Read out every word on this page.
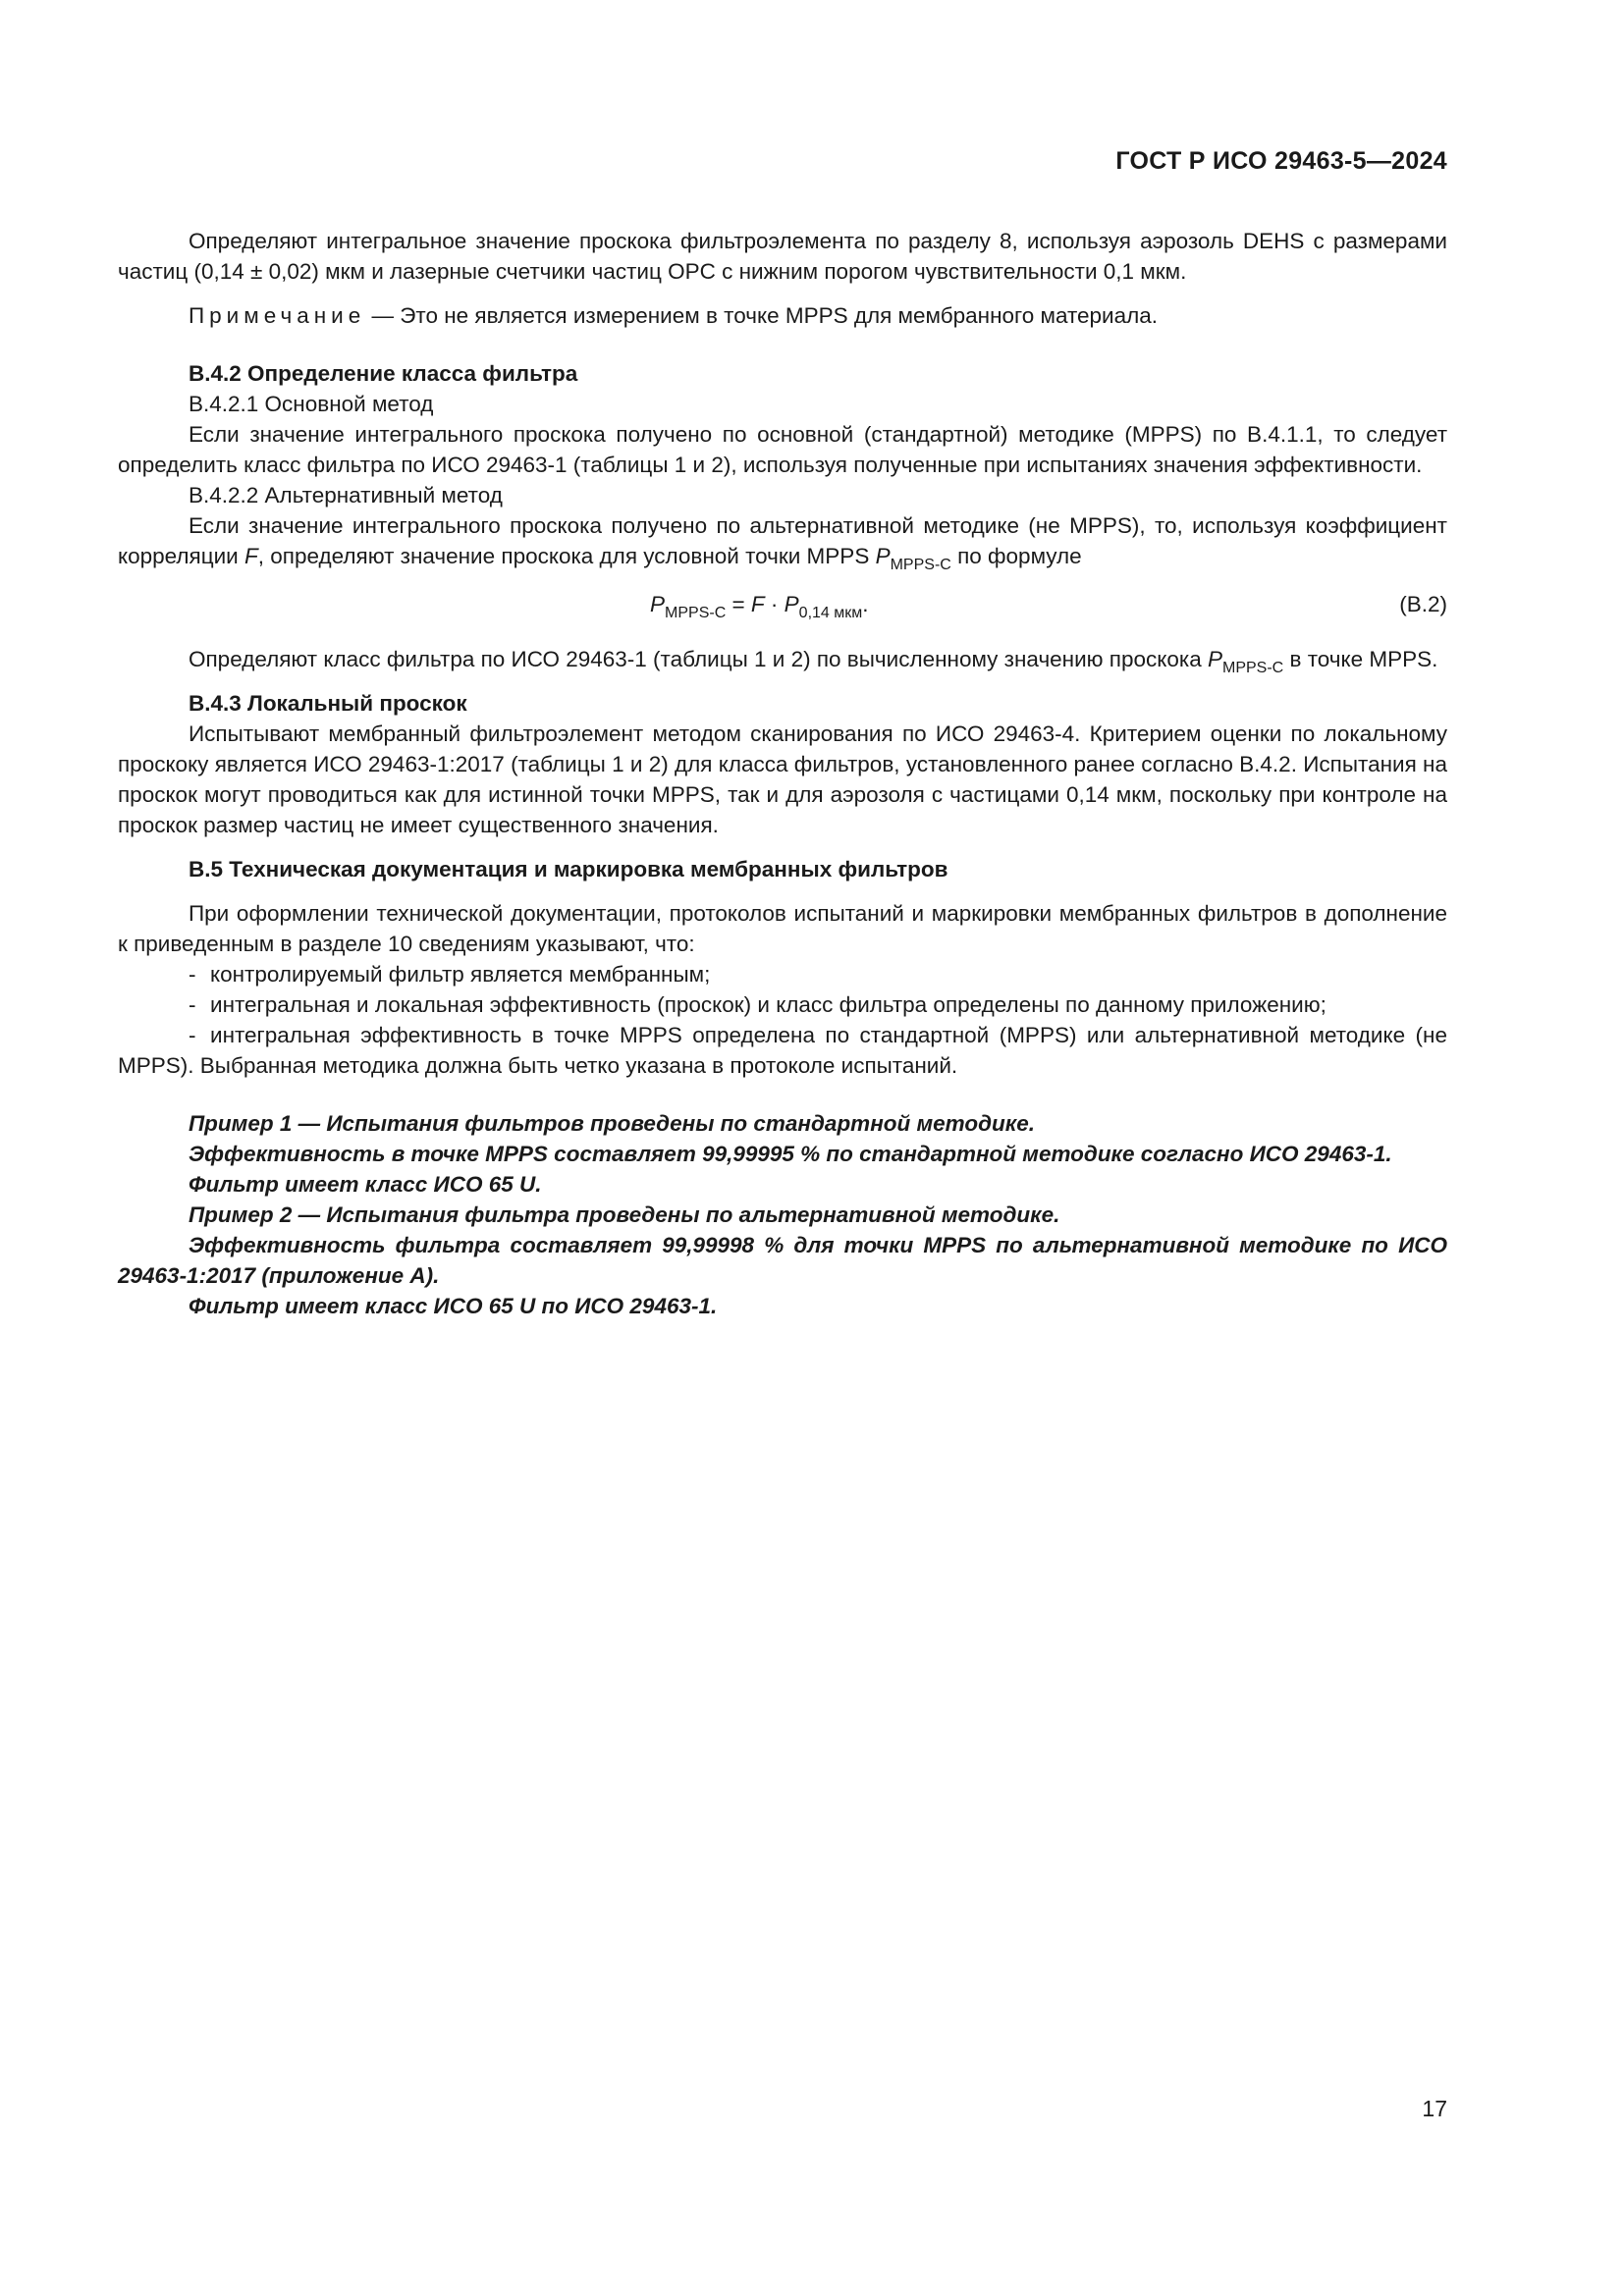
ГОСТ Р ИСО 29463-5—2024

Определяют интегральное значение проскока фильтроэлемента по разделу 8, используя аэрозоль DEHS с размерами частиц (0,14 ± 0,02) мкм и лазерные счетчики частиц OPC с нижним порогом чувствительности 0,1 мкм.

Примечание — Это не является измерением в точке MPPS для мембранного материала.

В.4.2 Определение класса фильтра

В.4.2.1 Основной метод

Если значение интегрального проскока получено по основной (стандартной) методике (MPPS) по В.4.1.1, то следует определить класс фильтра по ИСО 29463-1 (таблицы 1 и 2), используя полученные при испытаниях значения эффективности.

В.4.2.2 Альтернативный метод

Если значение интегрального проскока получено по альтернативной методике (не MPPS), то, используя коэффициент корреляции F, определяют значение проскока для условной точки MPPS $P_{MPPS-C}$ по формуле

$P_{MPPS-C} = F \cdot P_{0,14 мкм}$.	(В.2)

Определяют класс фильтра по ИСО 29463-1 (таблицы 1 и 2) по вычисленному значению проскока $P_{MPPS-C}$ в точке MPPS.

В.4.3 Локальный проскок

Испытывают мембранный фильтроэлемент методом сканирования по ИСО 29463-4. Критерием оценки по локальному проскоку является ИСО 29463-1:2017 (таблицы 1 и 2) для класса фильтров, установленного ранее согласно В.4.2. Испытания на проскок могут проводиться как для истинной точки MPPS, так и для аэрозоля с частицами 0,14 мкм, поскольку при контроле на проскок размер частиц не имеет существенного значения.

В.5 Техническая документация и маркировка мембранных фильтров

При оформлении технической документации, протоколов испытаний и маркировки мембранных фильтров в дополнение к приведенным в разделе 10 сведениям указывают, что:

- контролируемый фильтр является мембранным;

- интегральная и локальная эффективность (проскок) и класс фильтра определены по данному приложению;

- интегральная эффективность в точке MPPS определена по стандартной (MPPS) или альтернативной методике (не MPPS). Выбранная методика должна быть четко указана в протоколе испытаний.

Пример 1 — Испытания фильтров проведены по стандартной методике.

Эффективность в точке MPPS составляет 99,99995 % по стандартной методике согласно ИСО 29463-1.

Фильтр имеет класс ИСО 65 U.

Пример 2 — Испытания фильтра проведены по альтернативной методике.

Эффективность фильтра составляет 99,99998 % для точки MPPS по альтернативной методике по ИСО 29463-1:2017 (приложение А).

Фильтр имеет класс ИСО 65 U по ИСО 29463-1.

17
